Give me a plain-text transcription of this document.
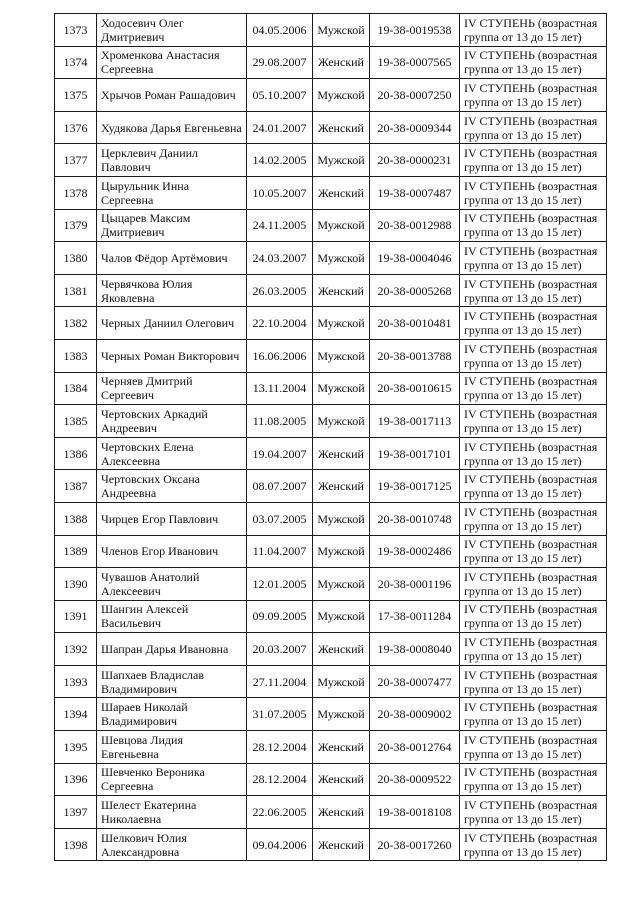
1373	Ходосевич Олег Дмитриевич	04.05.2006	Мужской	19-38-0019538	IV СТУПЕНЬ (возрастная группа от 13 до 15 лет)
1374	Хроменкова Анастасия Сергеевна	29.08.2007	Женский	19-38-0007565	IV СТУПЕНЬ (возрастная группа от 13 до 15 лет)
1375	Хрычов Роман Рашадович	05.10.2007	Мужской	20-38-0007250	IV СТУПЕНЬ (возрастная группа от 13 до 15 лет)
1376	Худякова Дарья Евгеньевна	24.01.2007	Женский	20-38-0009344	IV СТУПЕНЬ (возрастная группа от 13 до 15 лет)
1377	Церклевич Даниил Павлович	14.02.2005	Мужской	20-38-0000231	IV СТУПЕНЬ (возрастная группа от 13 до 15 лет)
1378	Цырульник Инна Сергеевна	10.05.2007	Женский	19-38-0007487	IV СТУПЕНЬ (возрастная группа от 13 до 15 лет)
1379	Цыцарев Максим Дмитриевич	24.11.2005	Мужской	20-38-0012988	IV СТУПЕНЬ (возрастная группа от 13 до 15 лет)
1380	Чалов Фёдор Артёмович	24.03.2007	Мужской	19-38-0004046	IV СТУПЕНЬ (возрастная группа от 13 до 15 лет)
1381	Червячкова Юлия Яковлевна	26.03.2005	Женский	20-38-0005268	IV СТУПЕНЬ (возрастная группа от 13 до 15 лет)
1382	Черных Даниил Олегович	22.10.2004	Мужской	20-38-0010481	IV СТУПЕНЬ (возрастная группа от 13 до 15 лет)
1383	Черных Роман Викторович	16.06.2006	Мужской	20-38-0013788	IV СТУПЕНЬ (возрастная группа от 13 до 15 лет)
1384	Черняев Дмитрий Сергеевич	13.11.2004	Мужской	20-38-0010615	IV СТУПЕНЬ (возрастная группа от 13 до 15 лет)
1385	Чертовских Аркадий Андреевич	11.08.2005	Мужской	19-38-0017113	IV СТУПЕНЬ (возрастная группа от 13 до 15 лет)
1386	Чертовских Елена Алексеевна	19.04.2007	Женский	19-38-0017101	IV СТУПЕНЬ (возрастная группа от 13 до 15 лет)
1387	Чертовских Оксана Андреевна	08.07.2007	Женский	19-38-0017125	IV СТУПЕНЬ (возрастная группа от 13 до 15 лет)
1388	Чирцев Егор Павлович	03.07.2005	Мужской	20-38-0010748	IV СТУПЕНЬ (возрастная группа от 13 до 15 лет)
1389	Членов Егор Иванович	11.04.2007	Мужской	19-38-0002486	IV СТУПЕНЬ (возрастная группа от 13 до 15 лет)
1390	Чувашов Анатолий Алексеевич	12.01.2005	Мужской	20-38-0001196	IV СТУПЕНЬ (возрастная группа от 13 до 15 лет)
1391	Шангин Алексей Васильевич	09.09.2005	Мужской	17-38-0011284	IV СТУПЕНЬ (возрастная группа от 13 до 15 лет)
1392	Шапран Дарья Ивановна	20.03.2007	Женский	19-38-0008040	IV СТУПЕНЬ (возрастная группа от 13 до 15 лет)
1393	Шапхаев Владислав Владимирович	27.11.2004	Мужской	20-38-0007477	IV СТУПЕНЬ (возрастная группа от 13 до 15 лет)
1394	Шараев Николай Владимирович	31.07.2005	Мужской	20-38-0009002	IV СТУПЕНЬ (возрастная группа от 13 до 15 лет)
1395	Шевцова Лидия Евгеньевна	28.12.2004	Женский	20-38-0012764	IV СТУПЕНЬ (возрастная группа от 13 до 15 лет)
1396	Шевченко Вероника Сергеевна	28.12.2004	Женский	20-38-0009522	IV СТУПЕНЬ (возрастная группа от 13 до 15 лет)
1397	Шелест Екатерина Николаевна	22.06.2005	Женский	19-38-0018108	IV СТУПЕНЬ (возрастная группа от 13 до 15 лет)
1398	Шелкович Юлия Александровна	09.04.2006	Женский	20-38-0017260	IV СТУПЕНЬ (возрастная группа от 13 до 15 лет)
